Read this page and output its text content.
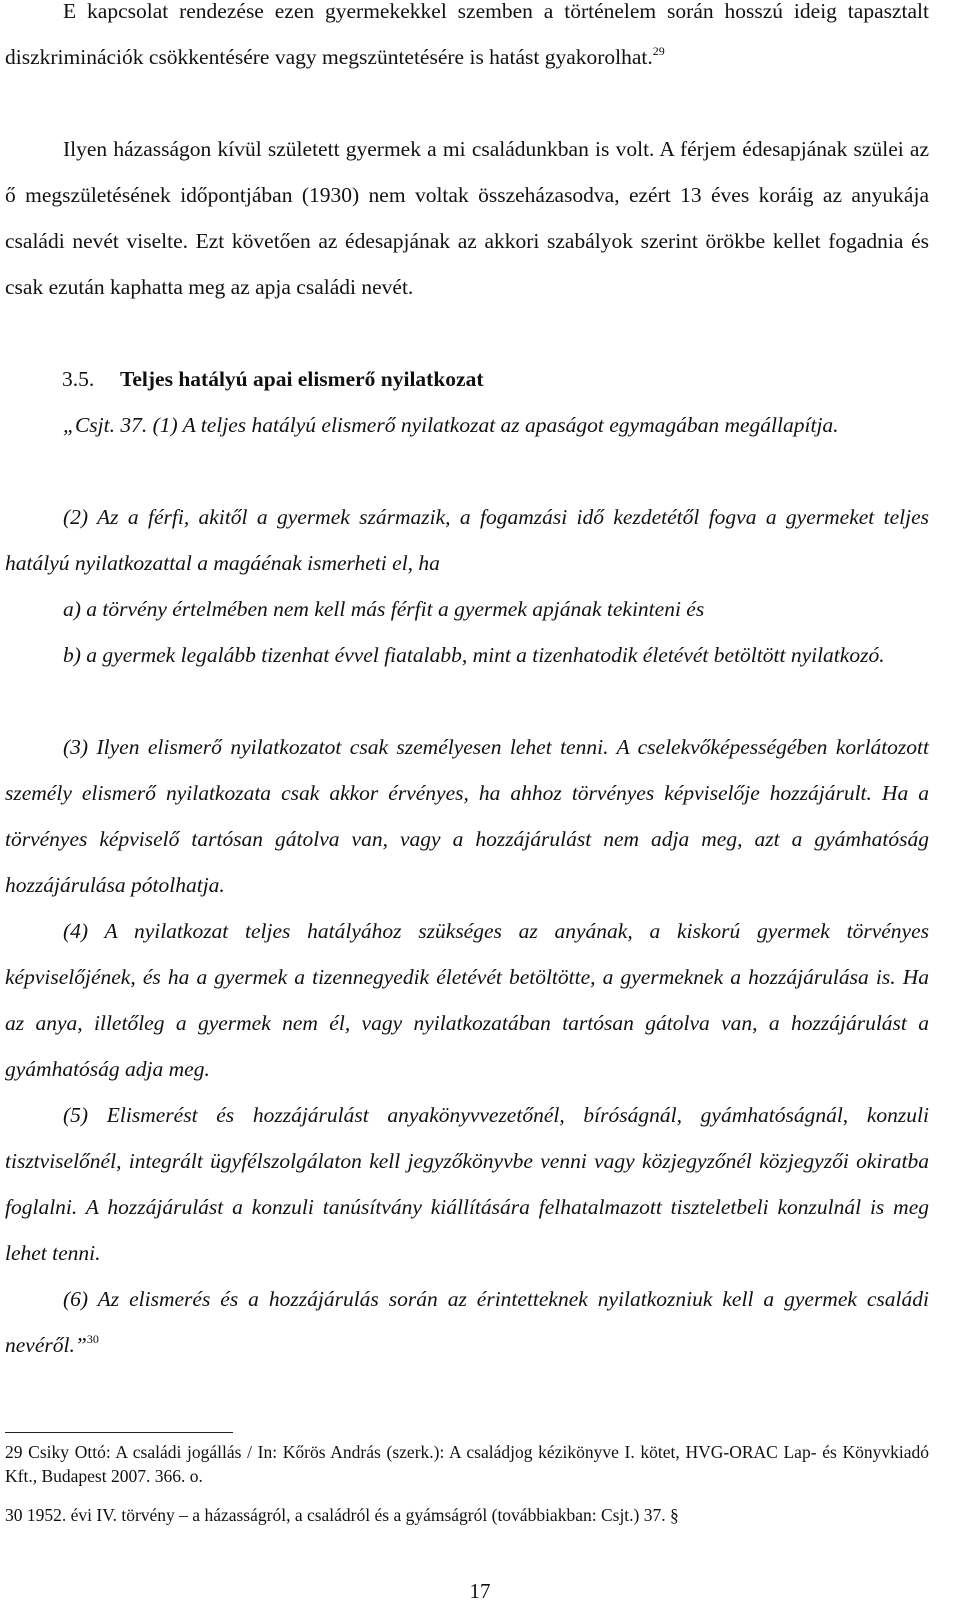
E kapcsolat rendezése ezen gyermekekkel szemben a történelem során hosszú ideig tapasztalt diszkriminációk csökkentésére vagy megszüntetésére is hatást gyakorolhat.$^{29}$

Ilyen házasságon kívül született gyermek a mi családunkban is volt. A férjem édesapjának szülei az ő megszületésének időpontjában (1930) nem voltak összeházasodva, ezért 13 éves koráig az anyukája családi nevét viselte. Ezt követően az édesapjának az akkori szabályok szerint örökbe kellet fogadnia és csak ezután kaphatta meg az apja családi nevét.

3.5. Teljes hatályú apai elismerő nyilatkozat

„Csjt. 37. (1) A teljes hatályú elismerő nyilatkozat az apaságot egymagában megállapítja.

(2) Az a férfi, akitől a gyermek származik, a fogamzási idő kezdetétől fogva a gyermeket teljes hatályú nyilatkozattal a magáénak ismerheti el, ha

a) a törvény értelmében nem kell más férfit a gyermek apjának tekinteni és

b) a gyermek legalább tizenhat évvel fiatalabb, mint a tizenhatodik életévét betöltött nyilatkozó.

(3) Ilyen elismerő nyilatkozatot csak személyesen lehet tenni. A cselekvőképességében korlátozott személy elismerő nyilatkozata csak akkor érvényes, ha ahhoz törvényes képviselője hozzájárult. Ha a törvényes képviselő tartósan gátolva van, vagy a hozzájárulást nem adja meg, azt a gyámhatóság hozzájárulása pótolhatja.

(4) A nyilatkozat teljes hatályához szükséges az anyának, a kiskorú gyermek törvényes képviselőjének, és ha a gyermek a tizennegyedik életévét betöltötte, a gyermeknek a hozzájárulása is. Ha az anya, illetőleg a gyermek nem él, vagy nyilatkozatában tartósan gátolva van, a hozzájárulást a gyámhatóság adja meg.

(5) Elismerést és hozzájárulást anyakönyvvezetőnél, bíróságnál, gyámhatóságnál, konzuli tisztviselőnél, integrált ügyfélszolgálaton kell jegyzőkönyvbe venni vagy közjegyzőnél közjegyzői okiratba foglalni. A hozzájárulást a konzuli tanúsítvány kiállítására felhatalmazott tiszteletbeli konzulnál is meg lehet tenni.

(6) Az elismerés és a hozzájárulás során az érintetteknek nyilatkozniuk kell a gyermek családi nevéről.”$^{30}$

29 Csiky Ottó: A családi jogállás / In: Kőrös András (szerk.): A családjog kézikönyve I. kötet, HVG-ORAC Lap- és Könyvkiadó Kft., Budapest 2007. 366. o.

30 1952. évi IV. törvény – a házasságról, a családról és a gyámságról (továbbiakban: Csjt.) 37. §

17
